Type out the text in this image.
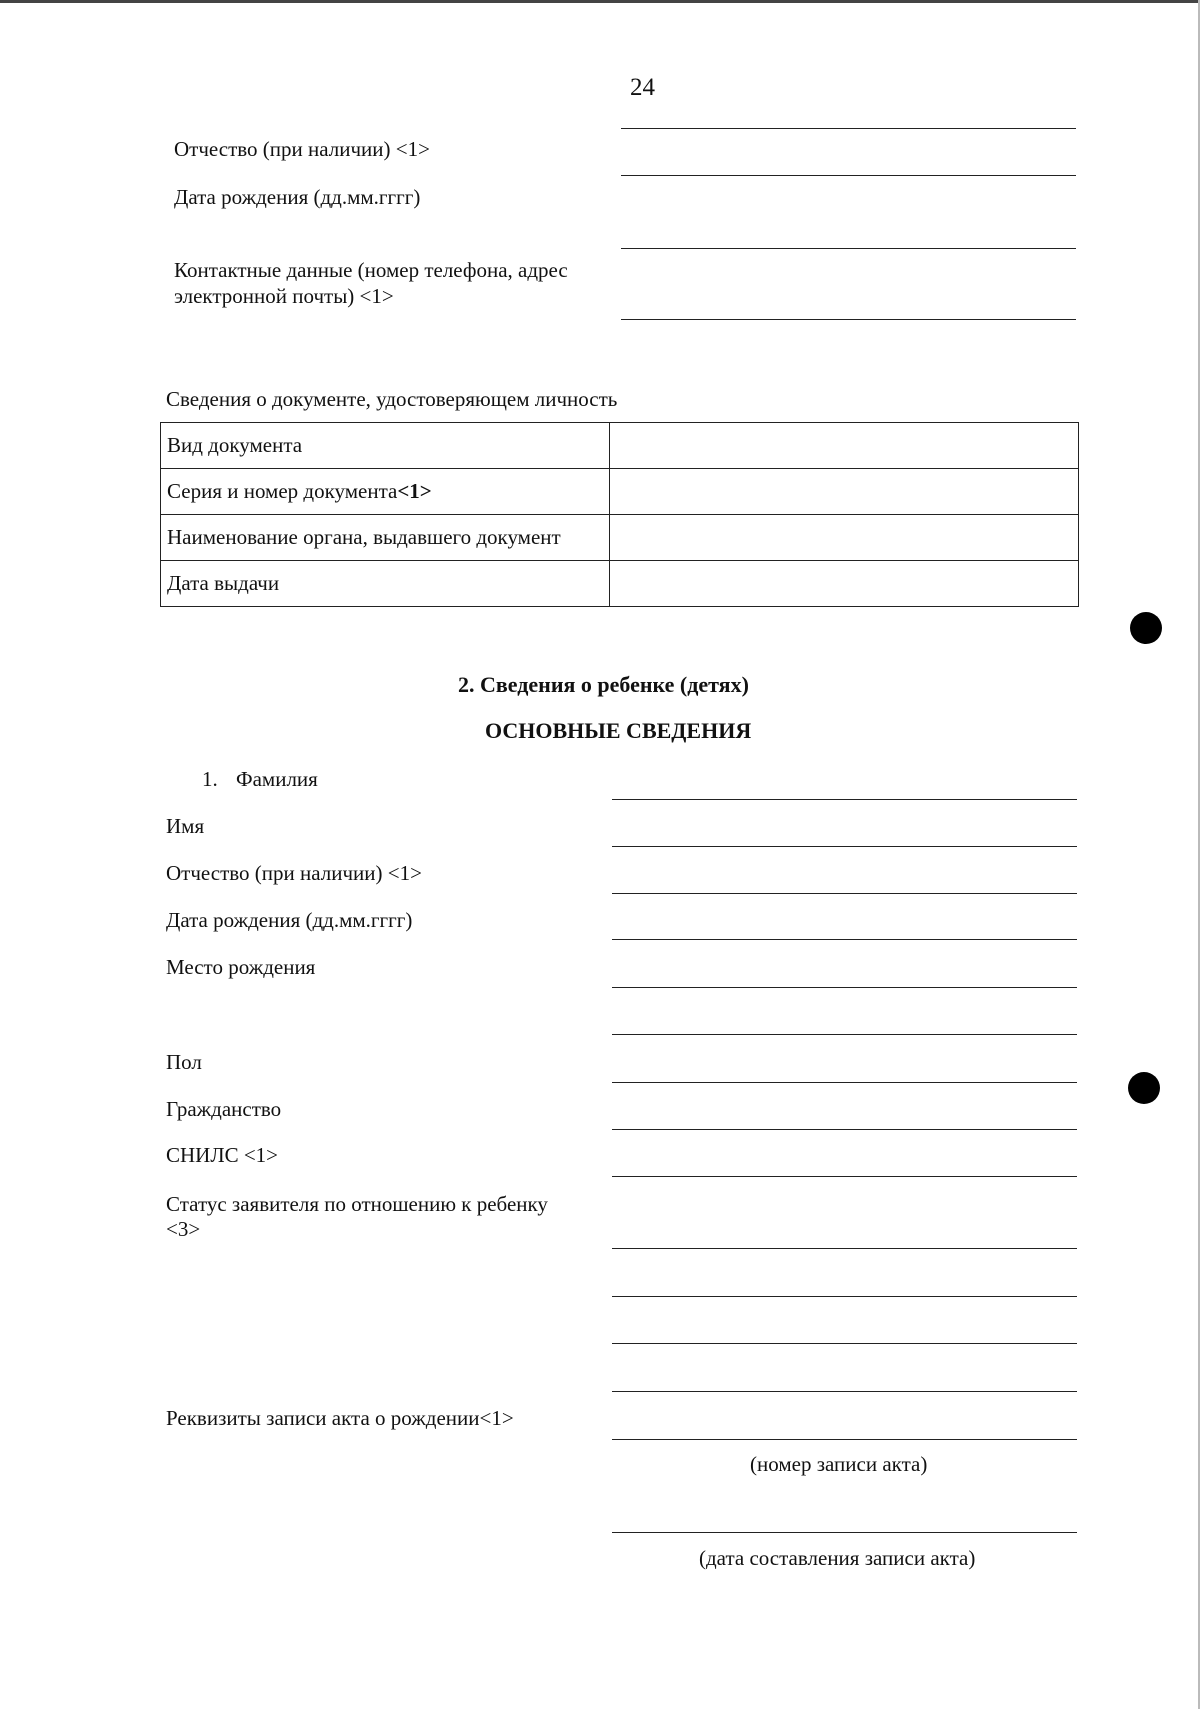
24
Отчество (при наличии) <1>
Дата рождения (дд.мм.гггг)
Контактные данные (номер телефона, адрес
электронной почты) <1>
Сведения о документе, удостоверяющем личность
Вид документа	
Серия и номер документа<1>	
Наименование органа, выдавшего документ	
Дата выдачи	
2. Сведения о ребенке (детях)
ОСНОВНЫЕ СВЕДЕНИЯ
1. Фамилия
Имя
Отчество (при наличии) <1>
Дата рождения (дд.мм.гггг)
Место рождения
Пол
Гражданство
СНИЛС <1>
Статус заявителя по отношению к ребенку
<3>
Реквизиты записи акта о рождении<1>
(номер записи акта)
(дата составления записи акта)
